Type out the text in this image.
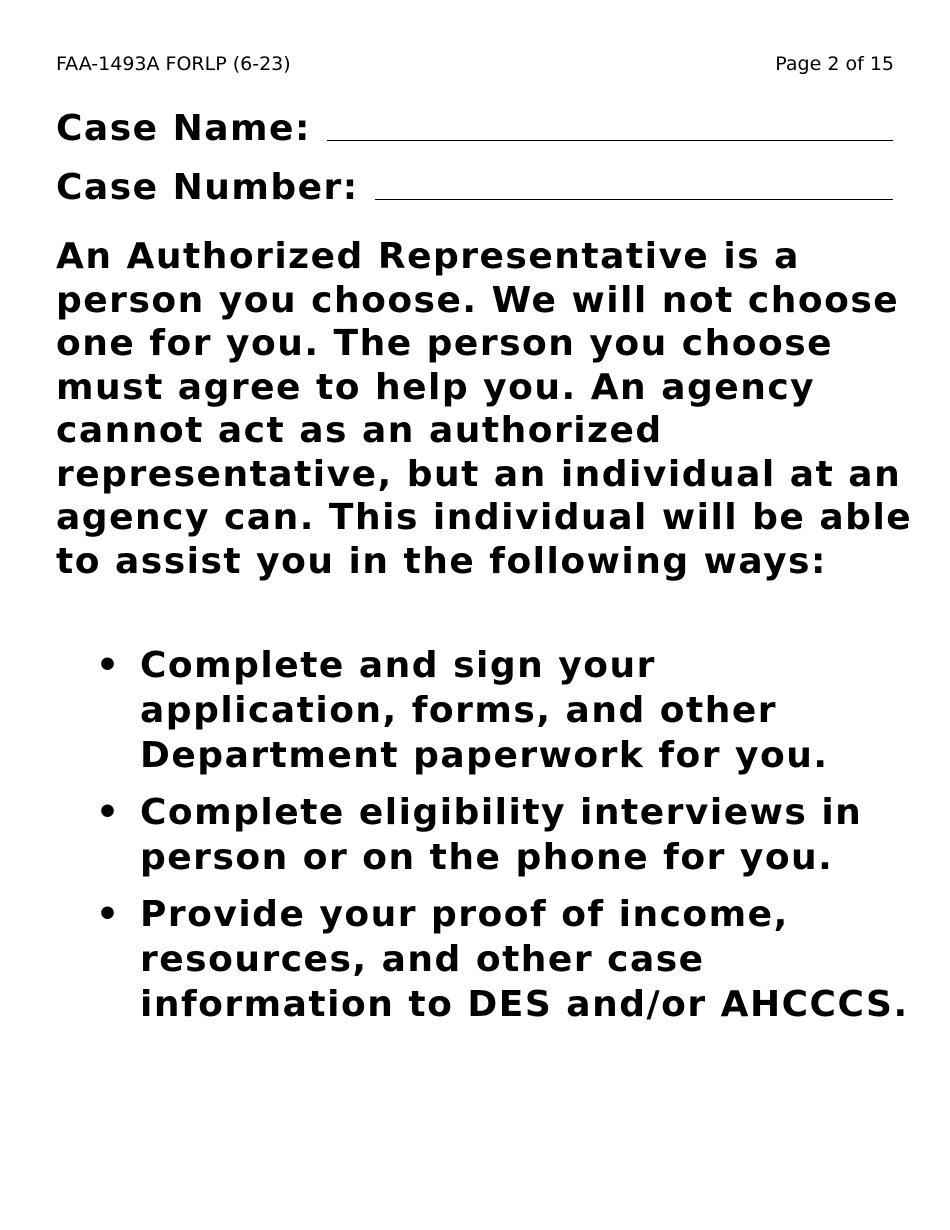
FAA-1493A FORLP (6-23)	Page 2 of 15
Case Name:
Case Number:

An Authorized Representative is a person you choose. We will not choose one for you. The person you choose must agree to help you. An agency cannot act as an authorized representative, but an individual at an agency can. This individual will be able to assist you in the following ways:

• Complete and sign your application, forms, and other Department paperwork for you.
• Complete eligibility interviews in person or on the phone for you.
• Provide your proof of income, resources, and other case information to DES and/or AHCCCS.
